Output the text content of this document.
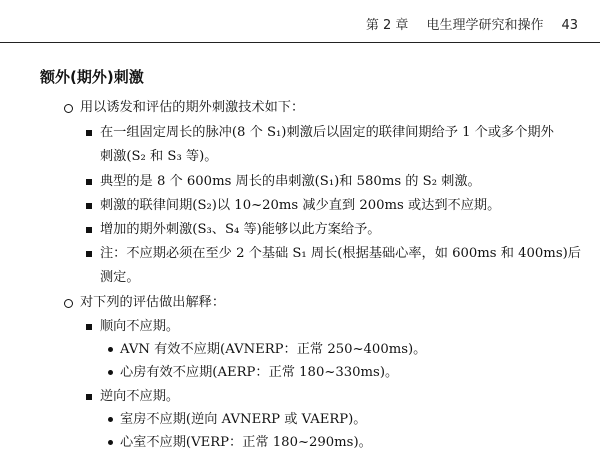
第 2 章 电生理学研究和操作 43
额外(期外)刺激
用以诱发和评估的期外刺激技术如下：
在一组固定周长的脉冲(8 个 S₁)刺激后以固定的联律间期给予 1 个或多个期外
刺激(S₂ 和 S₃ 等)。
典型的是 8 个 600ms 周长的串刺激(S₁)和 580ms 的 S₂ 刺激。
刺激的联律间期(S₂)以 10~20ms 减少直到 200ms 或达到不应期。
增加的期外刺激(S₃、S₄ 等)能够以此方案给予。
注：不应期必须在至少 2 个基础 S₁ 周长(根据基础心率，如 600ms 和 400ms)后
测定。
对下列的评估做出解释：
顺向不应期。
AVN 有效不应期(AVNERP：正常 250~400ms)。
心房有效不应期(AERP：正常 180~330ms)。
逆向不应期。
室房不应期(逆向 AVNERP 或 VAERP)。
心室不应期(VERP：正常 180~290ms)。
